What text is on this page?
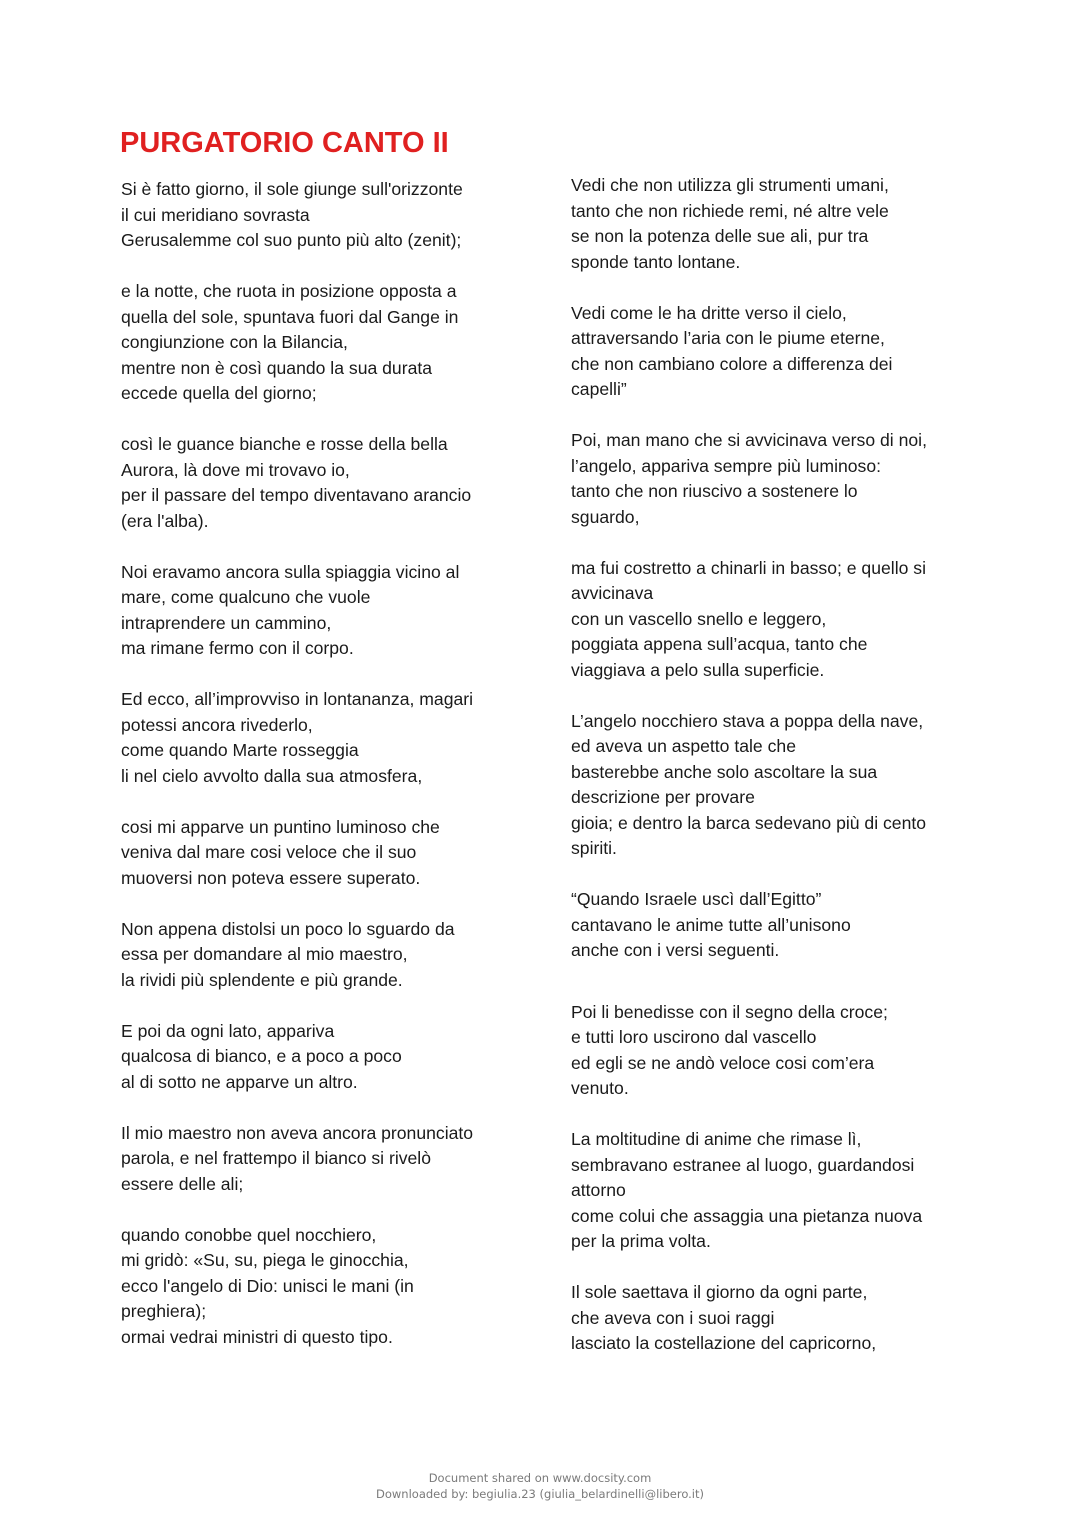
PURGATORIO CANTO II

Si è fatto giorno, il sole giunge sull'orizzonte
il cui meridiano sovrasta
Gerusalemme col suo punto più alto (zenit);

e la notte, che ruota in posizione opposta a
quella del sole, spuntava fuori dal Gange in
congiunzione con la Bilancia,
mentre non è così quando la sua durata
eccede quella del giorno;

così le guance bianche e rosse della bella
Aurora, là dove mi trovavo io,
per il passare del tempo diventavano arancio
(era l'alba).

Noi eravamo ancora sulla spiaggia vicino al
mare, come qualcuno che vuole
intraprendere un cammino,
ma rimane fermo con il corpo.

Ed ecco, all’improvviso in lontananza, magari
potessi ancora rivederlo,
come quando Marte rosseggia
li nel cielo avvolto dalla sua atmosfera,

cosi mi apparve un puntino luminoso che
veniva dal mare cosi veloce che il suo
muoversi non poteva essere superato.

Non appena distolsi un poco lo sguardo da
essa per domandare al mio maestro,
la rividi più splendente e più grande.

E poi da ogni lato, appariva
qualcosa di bianco, e a poco a poco
al di sotto ne apparve un altro.

Il mio maestro non aveva ancora pronunciato
parola, e nel frattempo il bianco si rivelò
essere delle ali;

quando conobbe quel nocchiero,
mi gridò: «Su, su, piega le ginocchia,
ecco l'angelo di Dio: unisci le mani (in
preghiera);
ormai vedrai ministri di questo tipo.

Vedi che non utilizza gli strumenti umani,
tanto che non richiede remi, né altre vele
se non la potenza delle sue ali, pur tra
sponde tanto lontane.

Vedi come le ha dritte verso il cielo,
attraversando l’aria con le piume eterne,
che non cambiano colore a differenza dei
capelli”

Poi, man mano che si avvicinava verso di noi,
l’angelo, appariva sempre più luminoso:
tanto che non riuscivo a sostenere lo
sguardo,

ma fui costretto a chinarli in basso; e quello si
avvicinava
con un vascello snello e leggero,
poggiata appena sull’acqua, tanto che
viaggiava a pelo sulla superficie.

L’angelo nocchiero stava a poppa della nave,
ed aveva un aspetto tale che
basterebbe anche solo ascoltare la sua
descrizione per provare
gioia; e dentro la barca sedevano più di cento
spiriti.

“Quando Israele uscì dall’Egitto”
cantavano le anime tutte all’unisono
anche con i versi seguenti.

Poi li benedisse con il segno della croce;
e tutti loro uscirono dal vascello
ed egli se ne andò veloce cosi com’era
venuto.

La moltitudine di anime che rimase lì,
sembravano estranee al luogo, guardandosi
attorno
come colui che assaggia una pietanza nuova
per la prima volta.

Il sole saettava il giorno da ogni parte,
che aveva con i suoi raggi
lasciato la costellazione del capricorno,

Document shared on www.docsity.com
Downloaded by: begiulia.23 (giulia_belardinelli@libero.it)
